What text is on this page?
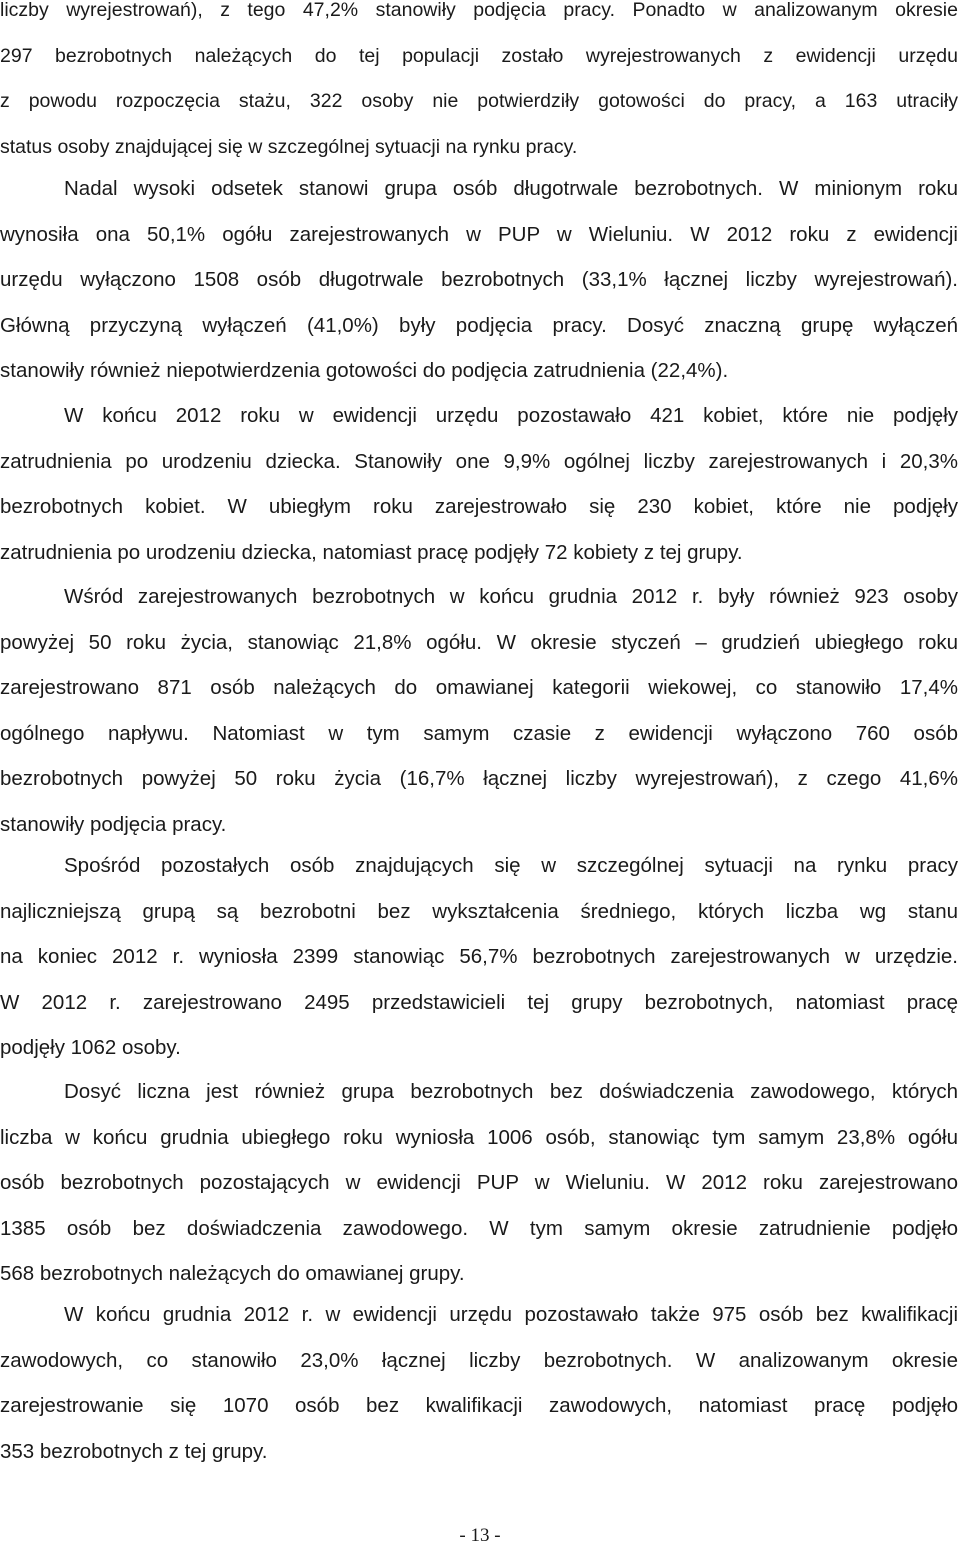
liczby wyrejestrowań), z tego 47,2% stanowiły podjęcia pracy. Ponadto w analizowanym okresie
297 bezrobotnych należących do tej populacji zostało wyrejestrowanych z ewidencji urzędu
z powodu rozpoczęcia stażu, 322 osoby nie potwierdziły gotowości do pracy, a 163 utraciły
status osoby znajdującej się w szczególnej sytuacji na rynku pracy.
Nadal wysoki odsetek stanowi grupa osób długotrwale bezrobotnych. W minionym roku
wynosiła ona 50,1% ogółu zarejestrowanych w PUP w Wieluniu. W 2012 roku z ewidencji
urzędu wyłączono 1508 osób długotrwale bezrobotnych (33,1% łącznej liczby wyrejestrowań).
Główną przyczyną wyłączeń (41,0%) były podjęcia pracy. Dosyć znaczną grupę wyłączeń
stanowiły również niepotwierdzenia gotowości do podjęcia zatrudnienia (22,4%).
W końcu 2012 roku w ewidencji urzędu pozostawało 421 kobiet, które nie podjęły
zatrudnienia po urodzeniu dziecka. Stanowiły one 9,9% ogólnej liczby zarejestrowanych i 20,3%
bezrobotnych kobiet. W ubiegłym roku zarejestrowało się 230 kobiet, które nie podjęły
zatrudnienia po urodzeniu dziecka, natomiast pracę podjęły 72 kobiety z tej grupy.
Wśród zarejestrowanych bezrobotnych w końcu grudnia 2012 r. były również 923 osoby
powyżej 50 roku życia, stanowiąc 21,8% ogółu. W okresie styczeń – grudzień ubiegłego roku
zarejestrowano 871 osób należących do omawianej kategorii wiekowej, co stanowiło 17,4%
ogólnego napływu. Natomiast w tym samym czasie z ewidencji wyłączono 760 osób
bezrobotnych powyżej 50 roku życia (16,7% łącznej liczby wyrejestrowań), z czego 41,6%
stanowiły podjęcia pracy.
Spośród pozostałych osób znajdujących się w szczególnej sytuacji na rynku pracy
najliczniejszą grupą są bezrobotni bez wykształcenia średniego, których liczba wg stanu
na koniec 2012 r. wyniosła 2399 stanowiąc 56,7% bezrobotnych zarejestrowanych w urzędzie.
W 2012 r. zarejestrowano 2495 przedstawicieli tej grupy bezrobotnych, natomiast pracę
podjęły 1062 osoby.
Dosyć liczna jest również grupa bezrobotnych bez doświadczenia zawodowego, których
liczba w końcu grudnia ubiegłego roku wyniosła 1006 osób, stanowiąc tym samym 23,8% ogółu
osób bezrobotnych pozostających w ewidencji PUP w Wieluniu. W 2012 roku zarejestrowano
1385 osób bez doświadczenia zawodowego. W tym samym okresie zatrudnienie podjęło
568 bezrobotnych należących do omawianej grupy.
W końcu grudnia 2012 r. w ewidencji urzędu pozostawało także 975 osób bez kwalifikacji
zawodowych, co stanowiło 23,0% łącznej liczby bezrobotnych. W analizowanym okresie
zarejestrowanie się 1070 osób bez kwalifikacji zawodowych, natomiast pracę podjęło
353 bezrobotnych z tej grupy.
- 13 -
